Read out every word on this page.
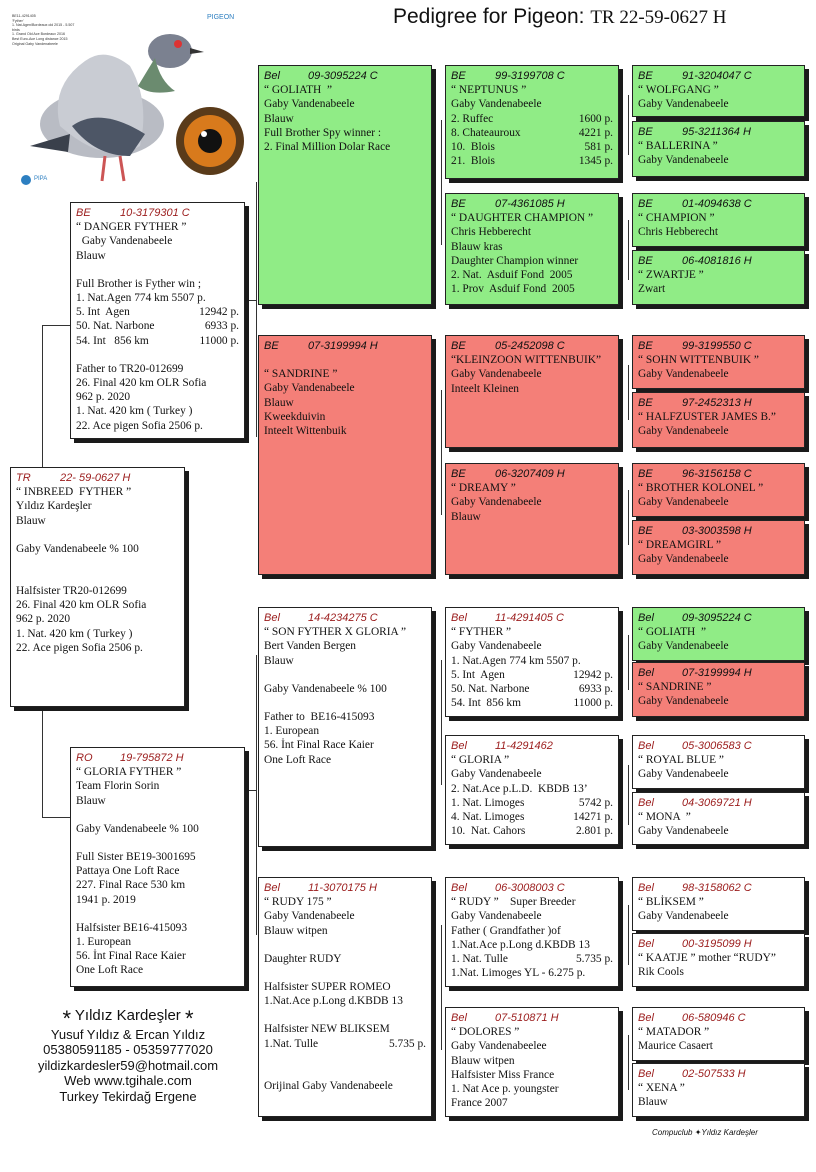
Pedigree for Pigeon: TR 22-59-0627 H
PIGEON
PIPA
BE11-4291405
'Fyther'
1. Nat.Agen/Bordeaux old 2015 - 5.507 birds
1. Grand Old Ace Bordeaux 2016
Best Euro-Ace Long distance 2015
Original Gaby Vandenabeele
TR	22- 59-0627 H
“ INBREED  FYTHER ”
Yıldız Kardeşler
Blauw
Gaby Vandenabeele % 100
Halfsister TR20-012699
26. Final 420 km OLR Sofia
962 p. 2020
1. Nat. 420 km ( Turkey )
22. Ace pigen Sofia 2506 p.
BE	10-3179301 C
“ DANGER FYTHER ”
Gaby Vandenabeele
Blauw
Full Brother is Fyther win ;
1. Nat.Agen 774 km 5507 p.
5. Int  Agen	12942 p.
50. Nat. Narbone	6933 p.
54. Int   856 km	11000 p.
Father to TR20-012699
26. Final 420 km OLR Sofia
962 p. 2020
1. Nat. 420 km ( Turkey )
22. Ace pigen Sofia 2506 p.
RO	19-795872 H
“ GLORIA FYTHER ”
Team Florin Sorin
Blauw
Gaby Vandenabeele % 100
Full Sister BE19-3001695
Pattaya One Loft Race
227. Final Race 530 km
1941 p. 2019
Halfsister BE16-415093
1. European
56. İnt Final Race Kaier
One Loft Race
Bel	09-3095224 C
“ GOLIATH  ”
Gaby Vandenabeele
Blauw
Full Brother Spy winner :
2. Final Million Dolar Race
BE	07-3199994 H
“ SANDRINE ”
Gaby Vandenabeele
Blauw
Kweekduivin
Inteelt Wittenbuik
Bel	14-4234275 C
“ SON FYTHER X GLORIA ”
Bert Vanden Bergen
Blauw
Gaby Vandenabeele % 100
Father to  BE16-415093
1. European
56. İnt Final Race Kaier
One Loft Race
Bel	11-3070175 H
“ RUDY 175 ”
Gaby Vandenabeele
Blauw witpen
Daughter RUDY
Halfsister SUPER ROMEO
1.Nat.Ace p.Long d.KBDB 13
Halfsister NEW BLIKSEM
1.Nat. Tulle	5.735 p.
Orijinal Gaby Vandenabeele
BE	99-3199708 C
“ NEPTUNUS ”
Gaby Vandenabeele
2. Ruffec	1600 p.
8. Chateauroux	4221 p.
10.  Blois	581 p.
21.  Blois	1345 p.
BE	07-4361085 H
“ DAUGHTER CHAMPION ”
Chris Hebberecht
Blauw kras
Daughter Champion winner
2. Nat.  Asduif Fond  2005
1. Prov  Asduif Fond  2005
BE	05-2452098 C
“KLEINZOON WITTENBUIK”
Gaby Vandenabeele
Inteelt Kleinen
BE	06-3207409 H
“ DREAMY ”
Gaby Vandenabeele
Blauw
Bel	11-4291405 C
“ FYTHER ”
Gaby Vandenabeele
1. Nat.Agen 774 km 5507 p.
5. Int  Agen	12942 p.
50. Nat. Narbone	6933 p.
54. Int  856 km	11000 p.
Bel	11-4291462
“ GLORIA ”
Gaby Vandenabeele
2. Nat.Ace p.L.D.  KBDB 13’
1. Nat. Limoges	5742 p.
4. Nat. Limoges	14271 p.
10.  Nat. Cahors	2.801 p.
Bel	06-3008003 C
“ RUDY ”    Super Breeder
Gaby Vandenabeele
Father ( Grandfather )of
1.Nat.Ace p.Long d.KBDB 13
1. Nat. Tulle	5.735 p.
1.Nat. Limoges YL - 6.275 p.
Bel	07-510871 H
“ DOLORES ”
Gaby Vandenabeelee
Blauw witpen
Halfsister Miss France
1. Nat Ace p. youngster
France 2007
BE	91-3204047 C
“ WOLFGANG ”
Gaby Vandenabeele
BE	95-3211364 H
“ BALLERINA ”
Gaby Vandenabeele
BE	01-4094638 C
“ CHAMPION ”
Chris Hebberecht
BE	06-4081816 H
“ ZWARTJE ”
Zwart
BE	99-3199550 C
“ SOHN WITTENBUIK ”
Gaby Vandenabeele
BE	97-2452313 H
“ HALFZUSTER JAMES B.”
Gaby Vandenabeele
BE	96-3156158 C
“ BROTHER KOLONEL ”
Gaby Vandenabeele
BE	03-3003598 H
“ DREAMGIRL ”
Gaby Vandenabeele
Bel	09-3095224 C
“ GOLIATH  ”
Gaby Vandenabeele
Bel	07-3199994 H
“ SANDRINE ”
Gaby Vandenabeele
Bel	05-3006583 C
“ ROYAL BLUE ”
Gaby Vandenabeele
Bel	04-3069721 H
“ MONA  ”
Gaby Vandenabeele
Bel	98-3158062 C
“ BLİKSEM ”
Gaby Vandenabeele
Bel	00-3195099 H
“ KAATJE ” mother “RUDY”
Rik Cools
Bel	06-580946 C
“ MATADOR ”
Maurice Casaert
Bel	02-507533 H
“ XENA ”
Blauw
* Yıldız Kardeşler *
Yusuf Yıldız & Ercan Yıldız
05380591185 - 05359777020
yildizkardesler59@hotmail.com
Web www.tgihale.com
Turkey Tekirdağ Ergene
Compuclub ✦Yıldız Kardeşler
